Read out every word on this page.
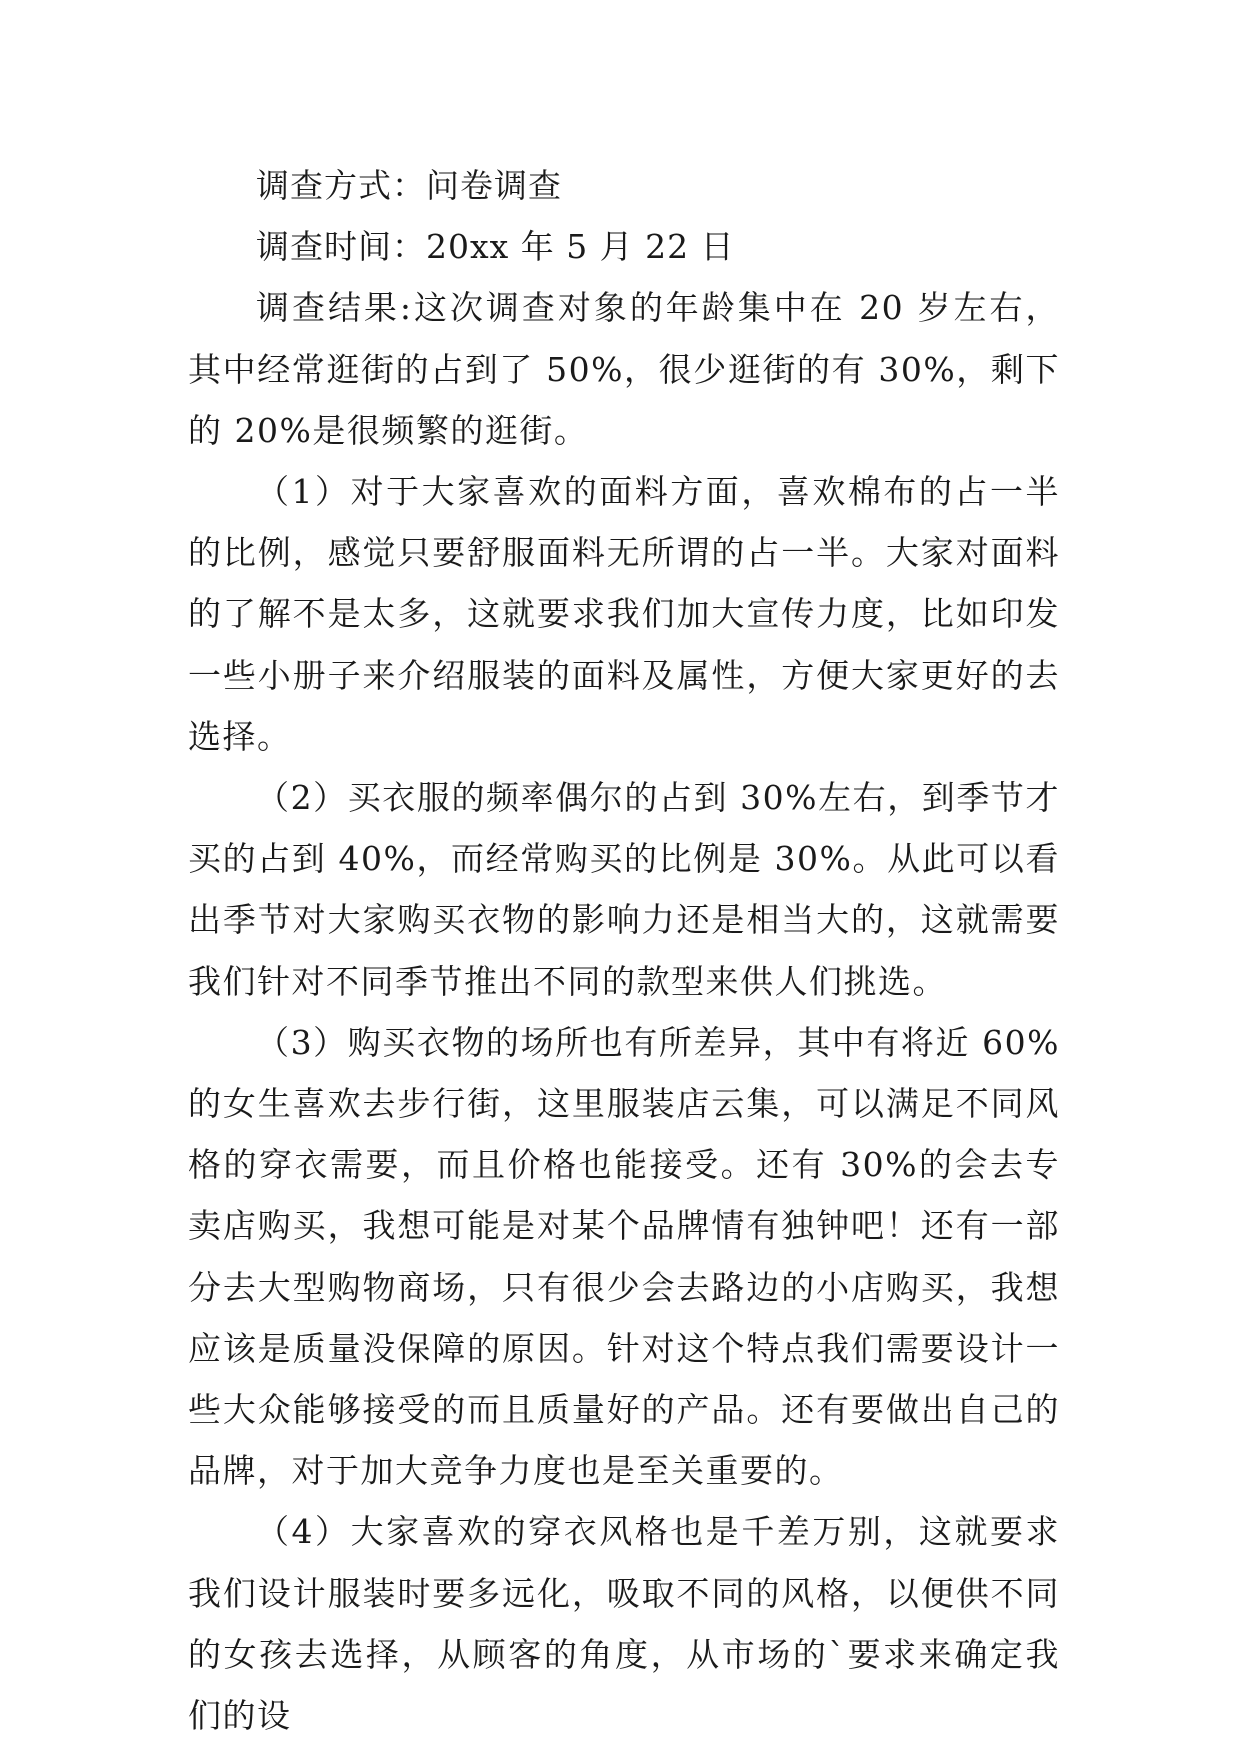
调查方式：问卷调查

调查时间：20xx 年 5 月 22 日

调查结果:这次调查对象的年龄集中在 20 岁左右，其中经常逛街的占到了 50%，很少逛街的有 30%，剩下的 20%是很频繁的逛街。

（1）对于大家喜欢的面料方面，喜欢棉布的占一半的比例，感觉只要舒服面料无所谓的占一半。大家对面料的了解不是太多，这就要求我们加大宣传力度，比如印发一些小册子来介绍服装的面料及属性，方便大家更好的去选择。

（2）买衣服的频率偶尔的占到 30%左右，到季节才买的占到 40%，而经常购买的比例是 30%。从此可以看出季节对大家购买衣物的影响力还是相当大的，这就需要我们针对不同季节推出不同的款型来供人们挑选。

（3）购买衣物的场所也有所差异，其中有将近 60%的女生喜欢去步行街，这里服装店云集，可以满足不同风格的穿衣需要，而且价格也能接受。还有 30%的会去专卖店购买，我想可能是对某个品牌情有独钟吧！还有一部分去大型购物商场，只有很少会去路边的小店购买，我想应该是质量没保障的原因。针对这个特点我们需要设计一些大众能够接受的而且质量好的产品。还有要做出自己的品牌，对于加大竞争力度也是至关重要的。

（4）大家喜欢的穿衣风格也是千差万别，这就要求我们设计服装时要多远化，吸取不同的风格，以便供不同的女孩去选择，从顾客的角度，从市场的`要求来确定我们的设
